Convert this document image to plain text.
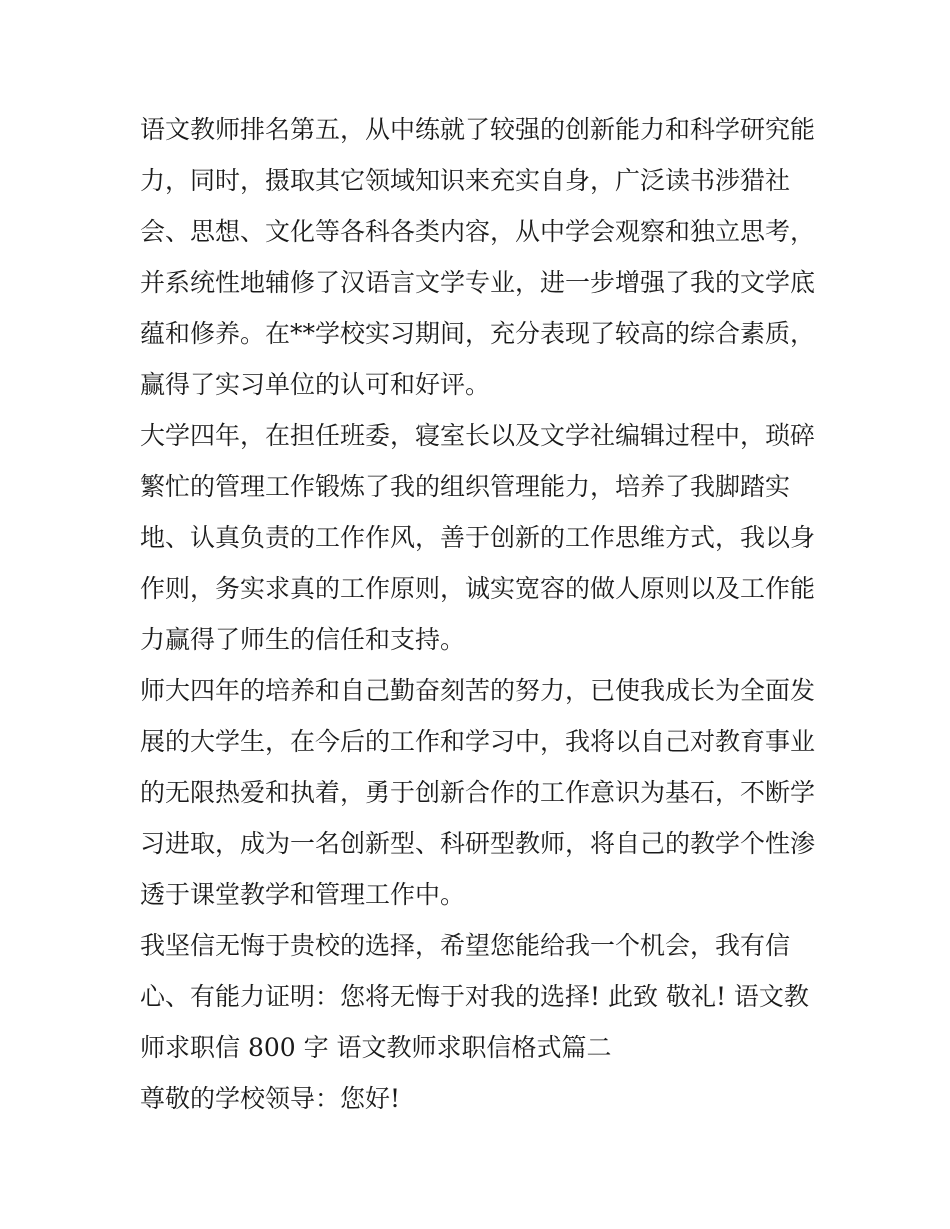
语文教师排名第五，从中练就了较强的创新能力和科学研究能
力，同时，摄取其它领域知识来充实自身，广泛读书涉猎社
会、思想、文化等各科各类内容，从中学会观察和独立思考，
并系统性地辅修了汉语言文学专业，进一步增强了我的文学底
蕴和修养。在**学校实习期间，充分表现了较高的综合素质，
赢得了实习单位的认可和好评。
大学四年，在担任班委，寝室长以及文学社编辑过程中，琐碎
繁忙的管理工作锻炼了我的组织管理能力，培养了我脚踏实
地、认真负责的工作作风，善于创新的工作思维方式，我以身
作则，务实求真的工作原则，诚实宽容的做人原则以及工作能
力赢得了师生的信任和支持。
师大四年的培养和自己勤奋刻苦的努力，已使我成长为全面发
展的大学生，在今后的工作和学习中，我将以自己对教育事业
的无限热爱和执着，勇于创新合作的工作意识为基石，不断学
习进取，成为一名创新型、科研型教师，将自己的教学个性渗
透于课堂教学和管理工作中。
我坚信无悔于贵校的选择，希望您能给我一个机会，我有信
心、有能力证明：您将无悔于对我的选择! 此致 敬礼! 语文教
师求职信 800 字 语文教师求职信格式篇二
尊敬的学校领导：您好!
